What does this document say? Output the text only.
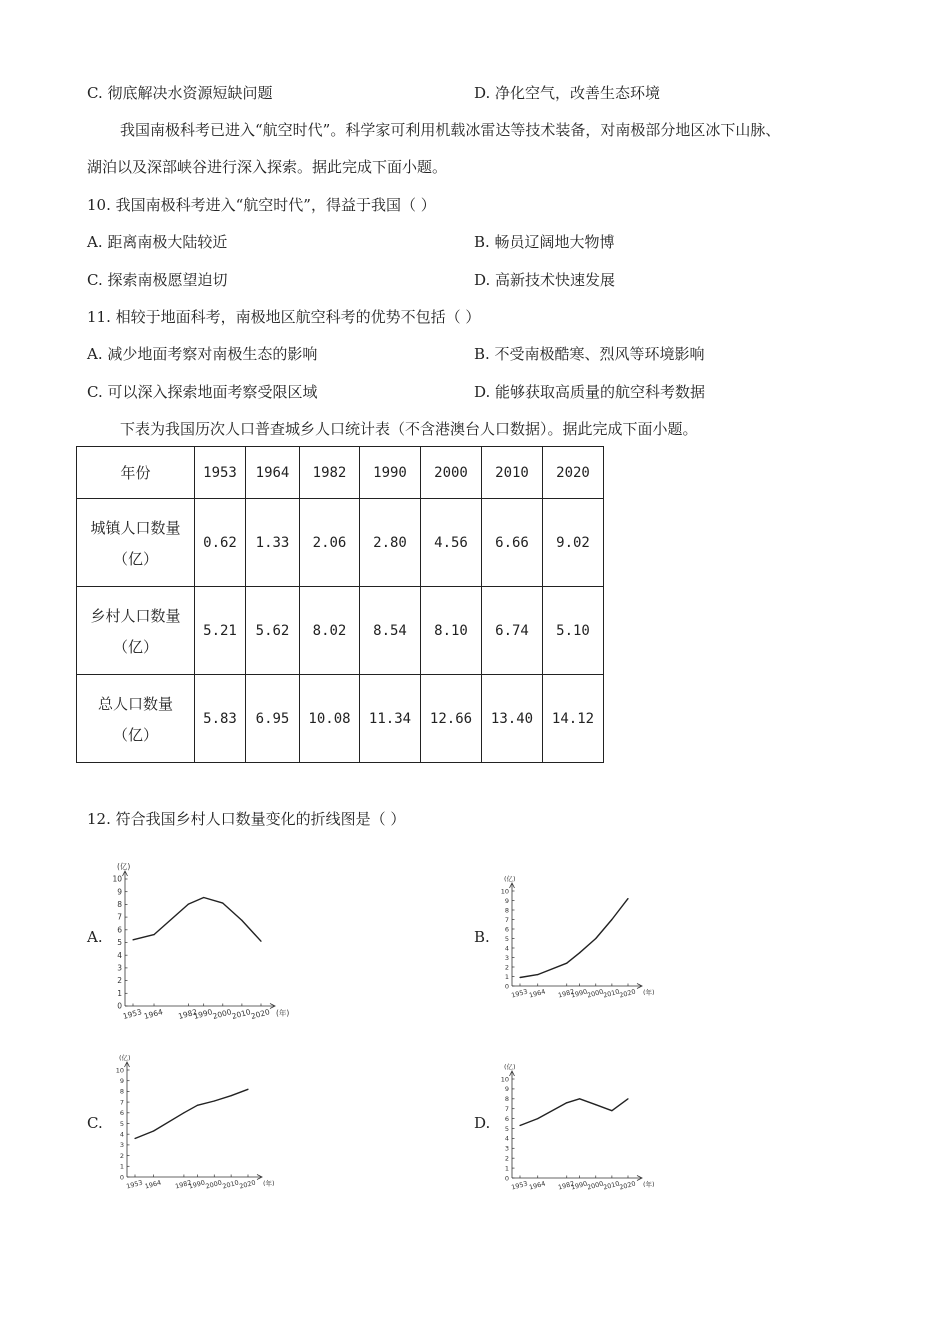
C. 彻底解决水资源短缺问题	D. 净化空气，改善生态环境
我国南极科考已进入“航空时代”。科学家可利用机载冰雷达等技术装备，对南极部分地区冰下山脉、
湖泊以及深部峡谷进行深入探索。据此完成下面小题。
10. 我国南极科考进入“航空时代”，得益于我国（ ）
A. 距离南极大陆较近	B. 畅员辽阔地大物博
C. 探索南极愿望迫切	D. 高新技术快速发展
11. 相较于地面科考，南极地区航空科考的优势不包括（ ）
A. 减少地面考察对南极生态的影响	B. 不受南极酷寒、烈风等环境影响
C. 可以深入探索地面考察受限区域	D. 能够获取高质量的航空科考数据
下表为我国历次人口普查城乡人口统计表（不含港澳台人口数据）。据此完成下面小题。
年份	1953	1964	1982	1990	2000	2010	2020
城镇人口数量
（亿）	0.62	1.33	2.06	2.80	4.56	6.66	9.02
乡村人口数量
（亿）	5.21	5.62	8.02	8.54	8.10	6.74	5.10
总人口数量
（亿）	5.83	6.95	10.08	11.34	12.66	13.40	14.12
12. 符合我国乡村人口数量变化的折线图是（ ）
A.	B.
C.	D.
0
1
2
3
4
5
6
7
8
9
10
1953 1964 1982
1990
2000
2010
2020
(亿)
(年)
0
1
2
3
4
5
6
7
8
9
10
1953 1964 1982
1990
2000
2010
2020
(亿)
(年)
0
1
2
3
4
5
6
7
8
9
10
1953 1964 1982
1990
2000
2010
2020
(亿)
(年)
0
1
2
3
4
5
6
7
8
9
10
1953 1964 1982
1990
2000
2010
2020
(亿)
(年)
